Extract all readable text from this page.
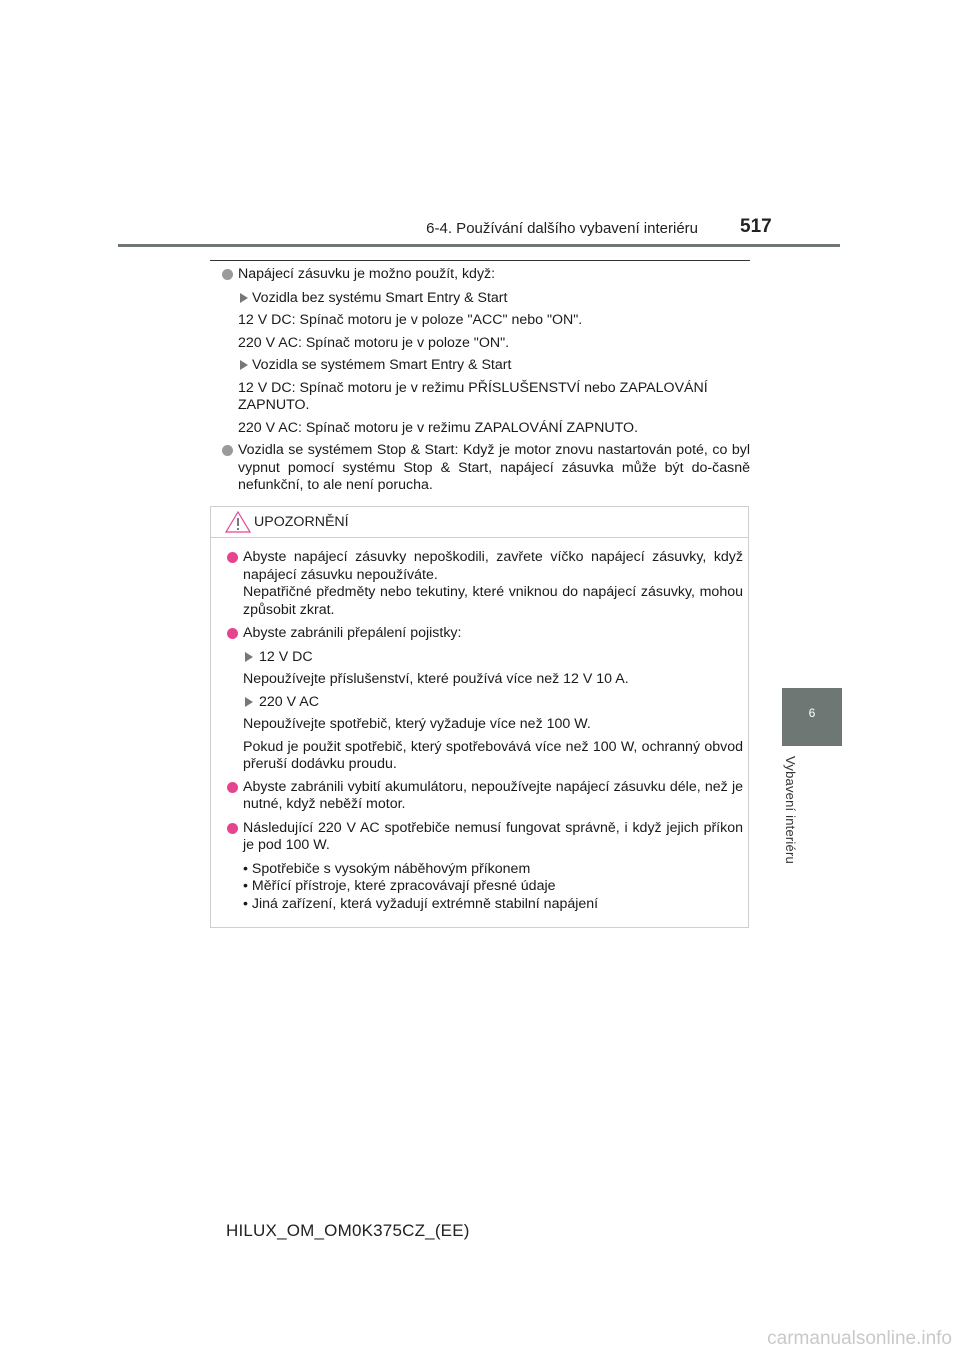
6-4. Používání dalšího vybavení interiéru 517
6
Vybavení interiéru
Napájecí zásuvku je možno použít, když:
Vozidla bez systému Smart Entry & Start
12 V DC: Spínač motoru je v poloze "ACC" nebo "ON".
220 V AC: Spínač motoru je v poloze "ON".
Vozidla se systémem Smart Entry & Start
12 V DC: Spínač motoru je v režimu PŘÍSLUŠENSTVÍ nebo ZAPALOVÁNÍ ZAPNUTO.
220 V AC: Spínač motoru je v režimu ZAPALOVÁNÍ ZAPNUTO.
Vozidla se systémem Stop & Start: Když je motor znovu nastartován poté, co byl vypnut pomocí systému Stop & Start, napájecí zásuvka může být do-časně nefunkční, to ale není porucha.
UPOZORNĚNÍ
Abyste napájecí zásuvky nepoškodili, zavřete víčko napájecí zásuvky, když napájecí zásuvku nepoužíváte.
Nepatřičné předměty nebo tekutiny, které vniknou do napájecí zásuvky, mohou způsobit zkrat.
Abyste zabránili přepálení pojistky:
12 V DC
Nepoužívejte příslušenství, které používá více než 12 V 10 A.
220 V AC
Nepoužívejte spotřebič, který vyžaduje více než 100 W.
Pokud je použit spotřebič, který spotřebovává více než 100 W, ochranný obvod přeruší dodávku proudu.
Abyste zabránili vybití akumulátoru, nepoužívejte napájecí zásuvku déle, než je nutné, když neběží motor.
Následující 220 V AC spotřebiče nemusí fungovat správně, i když jejich příkon je pod 100 W.
• Spotřebiče s vysokým náběhovým příkonem
• Měřící přístroje, které zpracovávají přesné údaje
• Jiná zařízení, která vyžadují extrémně stabilní napájení
HILUX_OM_OM0K375CZ_(EE)
carmanualsonline.info
